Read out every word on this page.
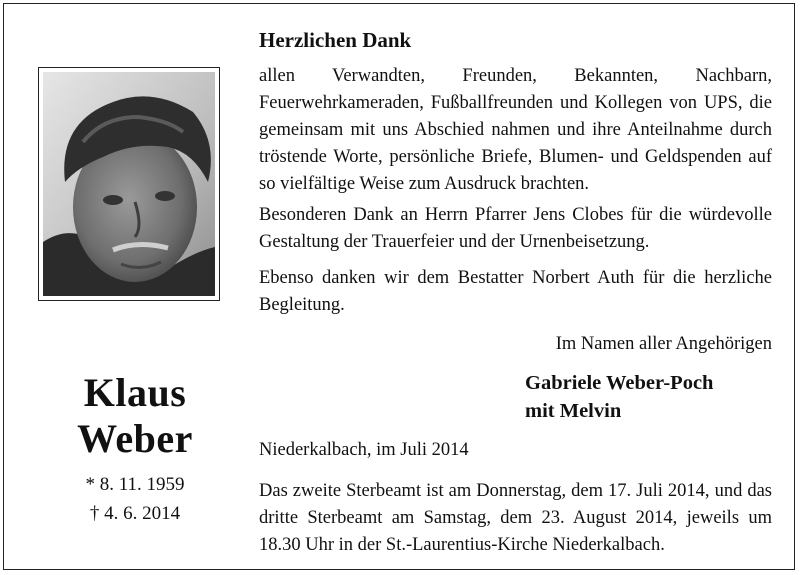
Klaus
Weber
* 8. 11. 1959
† 4. 6. 2014
Herzlichen Dank
allen Verwandten, Freunden, Bekannten, Nachbarn, Feuerwehrkameraden, Fußballfreunden und Kollegen von UPS, die gemeinsam mit uns Abschied nahmen und ihre Anteilnahme durch tröstende Worte, persönliche Briefe, Blumen- und Geldspenden auf so vielfältige Weise zum Ausdruck brachten.
Besonderen Dank an Herrn Pfarrer Jens Clobes für die würdevolle Gestaltung der Trauerfeier und der Urnenbeisetzung.
Ebenso danken wir dem Bestatter Norbert Auth für die herzliche Begleitung.
Im Namen aller Angehörigen
Gabriele Weber-Poch
mit Melvin
Niederkalbach, im Juli 2014
Das zweite Sterbeamt ist am Donnerstag, dem 17. Juli 2014, und das dritte Sterbeamt am Samstag, dem 23. August 2014, jeweils um 18.30 Uhr in der St.-Laurentius-Kirche Niederkalbach.
